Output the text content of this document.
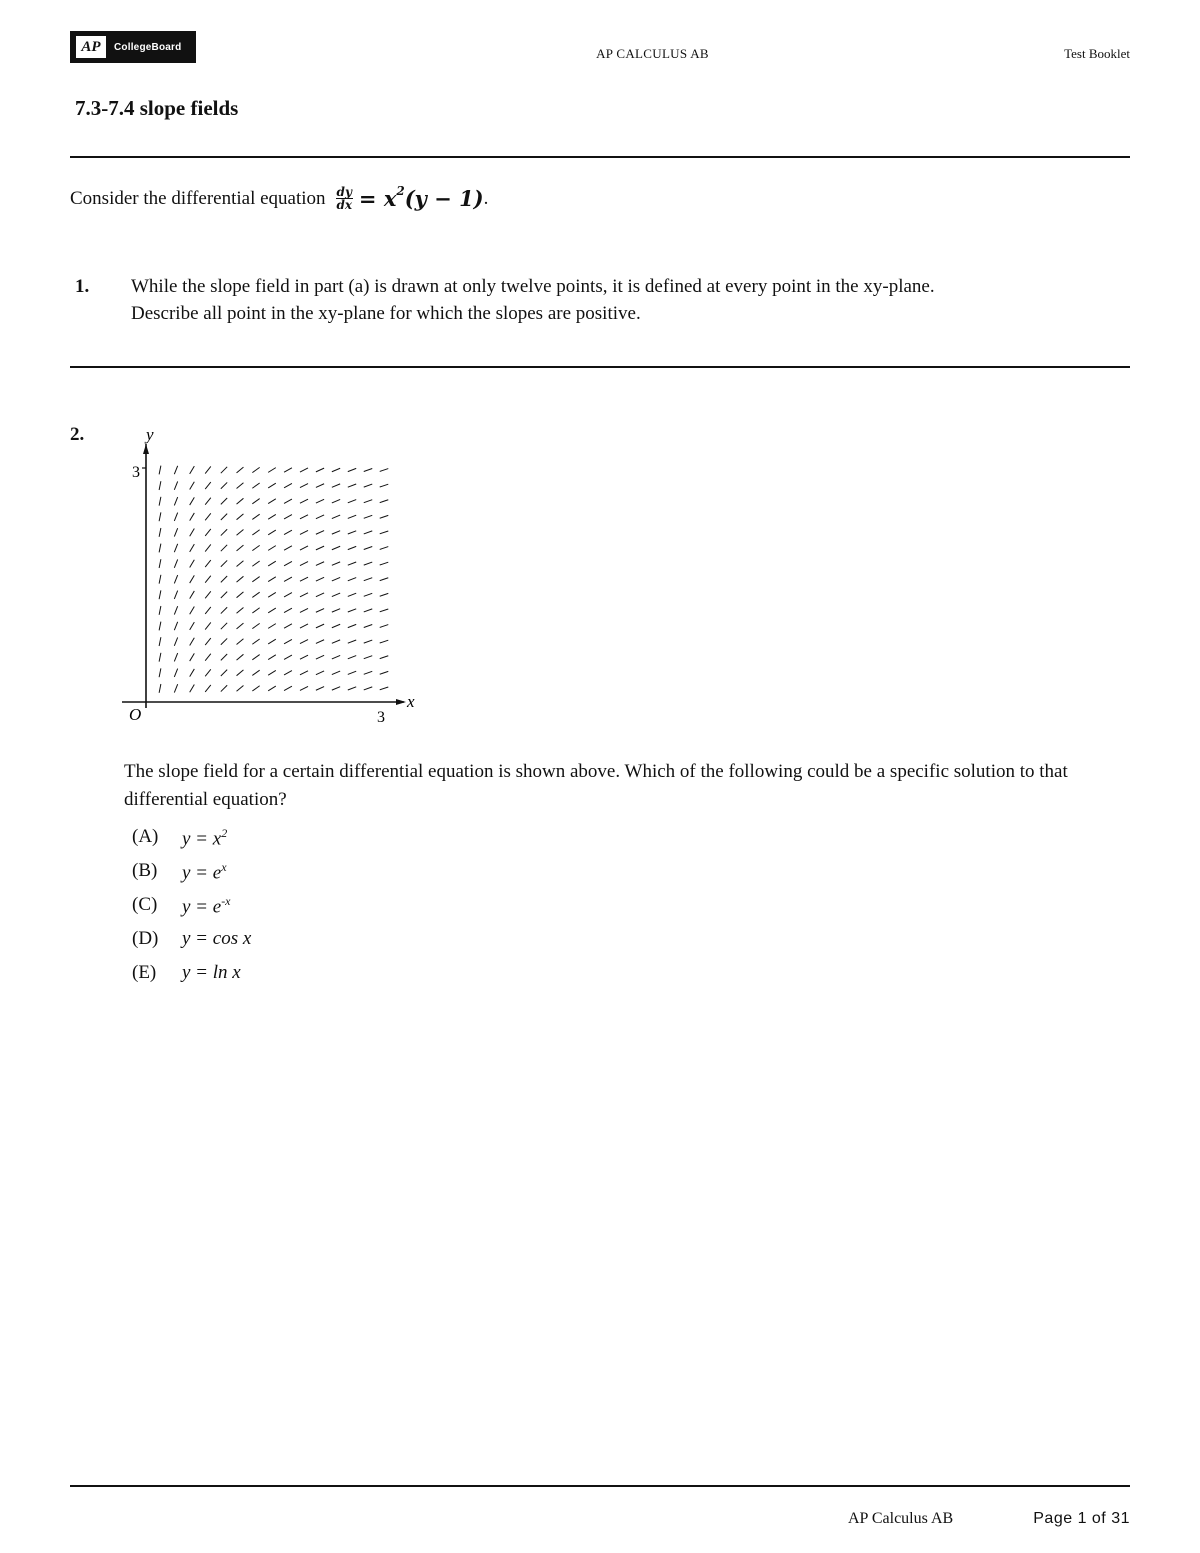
AP	CollegeBoard	AP CALCULUS AB	Test Booklet
7.3-7.4 slope fields
Consider the differential equation $\frac{dy}{dx} = x^2$ (y − 1) .
1. While the slope field in part (a) is drawn at only twelve points, it is defined at every point in the xy-plane.
Describe all point in the xy-plane for which the slopes are positive.
2.	y
x
O	3
3
The slope field for a certain differential equation is shown above. Which of the following could be a specific solution to that differential equation?
(A)	$y = x^2$
(B)	$y = e^x$
(C)	$y = e^{-x}$
(D)	y = cos x
(E)	y = ln x
AP Calculus AB	Page 1 of 31
